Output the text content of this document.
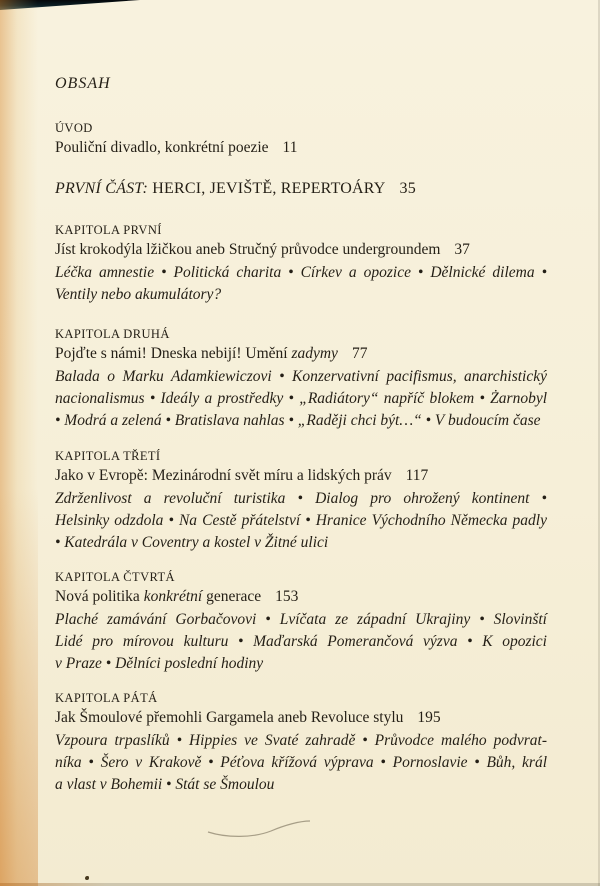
OBSAH
ÚVOD
Pouliční divadlo, konkrétní poezie 11
PRVNÍ ČÁST: HERCI, JEVIŠTĚ, REPERTOÁRY 35
KAPITOLA PRVNÍ
Jíst krokodýla lžičkou aneb Stručný průvodce undergroundem 37
Léčka amnestie • Politická charita • Církev a opozice • Dělnické dilema •
Ventily nebo akumulátory?
KAPITOLA DRUHÁ
Pojďte s námi! Dneska nebijí! Umění zadymy 77
Balada o Marku Adamkiewiczovi • Konzervativní pacifismus, anarchistický
nacionalismus • Ideály a prostředky • „Radiátory“ napříč blokem • Żarnobyl
• Modrá a zelená • Bratislava nahlas • „Raději chci být…“ • V budoucím čase
KAPITOLA TŘETÍ
Jako v Evropě: Mezinárodní svět míru a lidských práv 117
Zdrženlivost a revoluční turistika • Dialog pro ohrožený kontinent •
Helsinky odzdola • Na Cestě přátelství • Hranice Východního Německa padly
• Katedrála v Coventry a kostel v Žitné ulici
KAPITOLA ČTVRTÁ
Nová politika konkrétní generace 153
Plaché zamávání Gorbačovovi • Lvíčata ze západní Ukrajiny • Slovinští
Lidé pro mírovou kulturu • Maďarská Pomerančová výzva • K opozici
v Praze • Dělníci poslední hodiny
KAPITOLA PÁTÁ
Jak Šmoulové přemohli Gargamela aneb Revoluce stylu 195
Vzpoura trpaslíků • Hippies ve Svaté zahradě • Průvodce malého podvrat-
níka • Šero v Krakově • Péťova křížová výprava • Pornoslavie • Bůh, král
a vlast v Bohemii • Stát se Šmoulou
